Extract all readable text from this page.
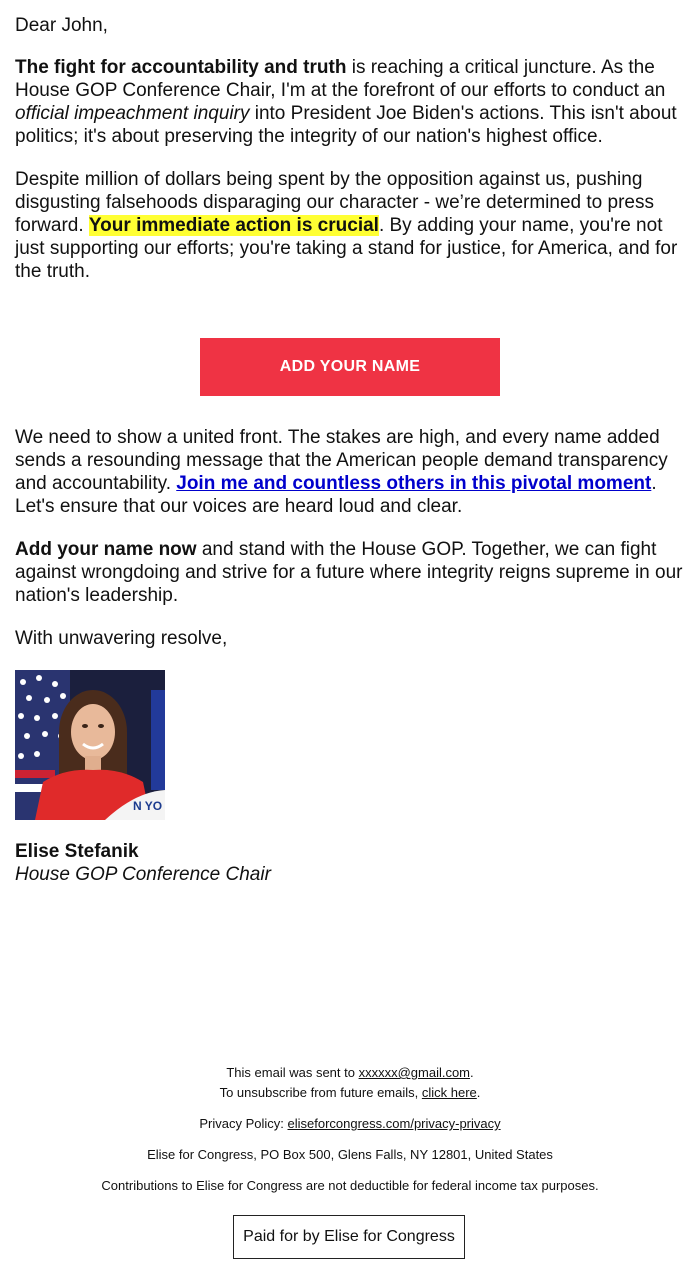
Dear John,

The fight for accountability and truth is reaching a critical juncture. As the House GOP Conference Chair, I'm at the forefront of our efforts to conduct an official impeachment inquiry into President Joe Biden's actions. This isn't about politics; it's about preserving the integrity of our nation's highest office.

Despite million of dollars being spent by the opposition against us, pushing disgusting falsehoods disparaging our character - we’re determined to press forward. Your immediate action is crucial. By adding your name, you're not just supporting our efforts; you're taking a stand for justice, for America, and for the truth.

ADD YOUR NAME

We need to show a united front. The stakes are high, and every name added sends a resounding message that the American people demand transparency and accountability. Join me and countless others in this pivotal moment. Let's ensure that our voices are heard loud and clear.

Add your name now and stand with the House GOP. Together, we can fight against wrongdoing and strive for a future where integrity reigns supreme in our nation's leadership.

With unwavering resolve,

N YO
Elise Stefanik
House GOP Conference Chair

This email was sent to xxxxxx@gmail.com.

To unsubscribe from future emails, click here.

Privacy Policy: eliseforcongress.com/privacy-privacy

Elise for Congress, PO Box 500, Glens Falls, NY 12801, United States

Contributions to Elise for Congress are not deductible for federal income tax purposes.

Paid for by Elise for Congress
